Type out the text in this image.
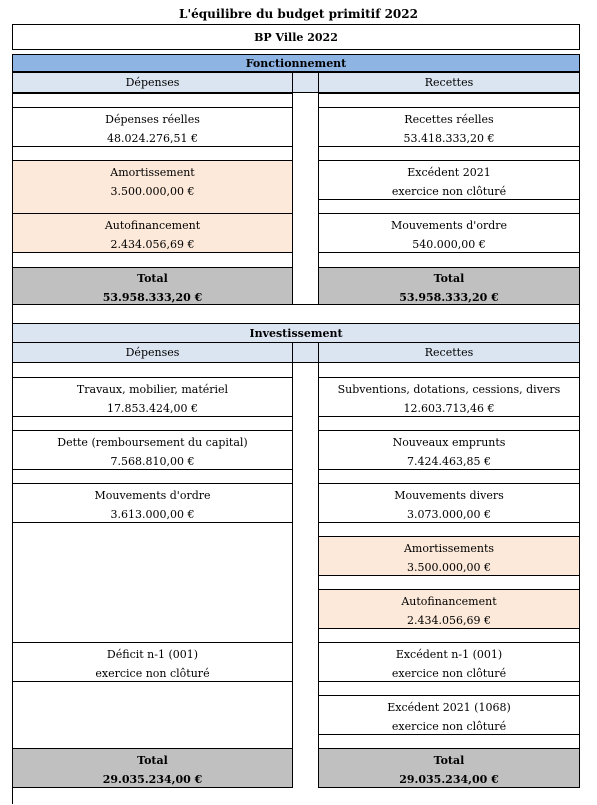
L'équilibre du budget primitif 2022
BP Ville 2022
Fonctionnement
Dépenses	Recettes
Dépenses réelles
48.024.276,51 €
Amortissement
3.500.000,00 €
Autofinancement
2.434.056,69 €
Total
53.958.333,20 €
Recettes réelles
53.418.333,20 €
Excédent 2021
exercice non clôturé
Mouvements d'ordre
540.000,00 €
Total
53.958.333,20 €
Investissement
Dépenses	Recettes
Travaux, mobilier, matériel
17.853.424,00 €
Dette (remboursement du capital)
7.568.810,00 €
Mouvements d'ordre
3.613.000,00 €
Déficit n-1 (001)
exercice non clôturé
Total
29.035.234,00 €
Subventions, dotations, cessions, divers
12.603.713,46 €
Nouveaux emprunts
7.424.463,85 €
Mouvements divers
3.073.000,00 €
Amortissements
3.500.000,00 €
Autofinancement
2.434.056,69 €
Excédent n-1 (001)
exercice non clôturé
Excédent 2021 (1068)
exercice non clôturé
Total
29.035.234,00 €
